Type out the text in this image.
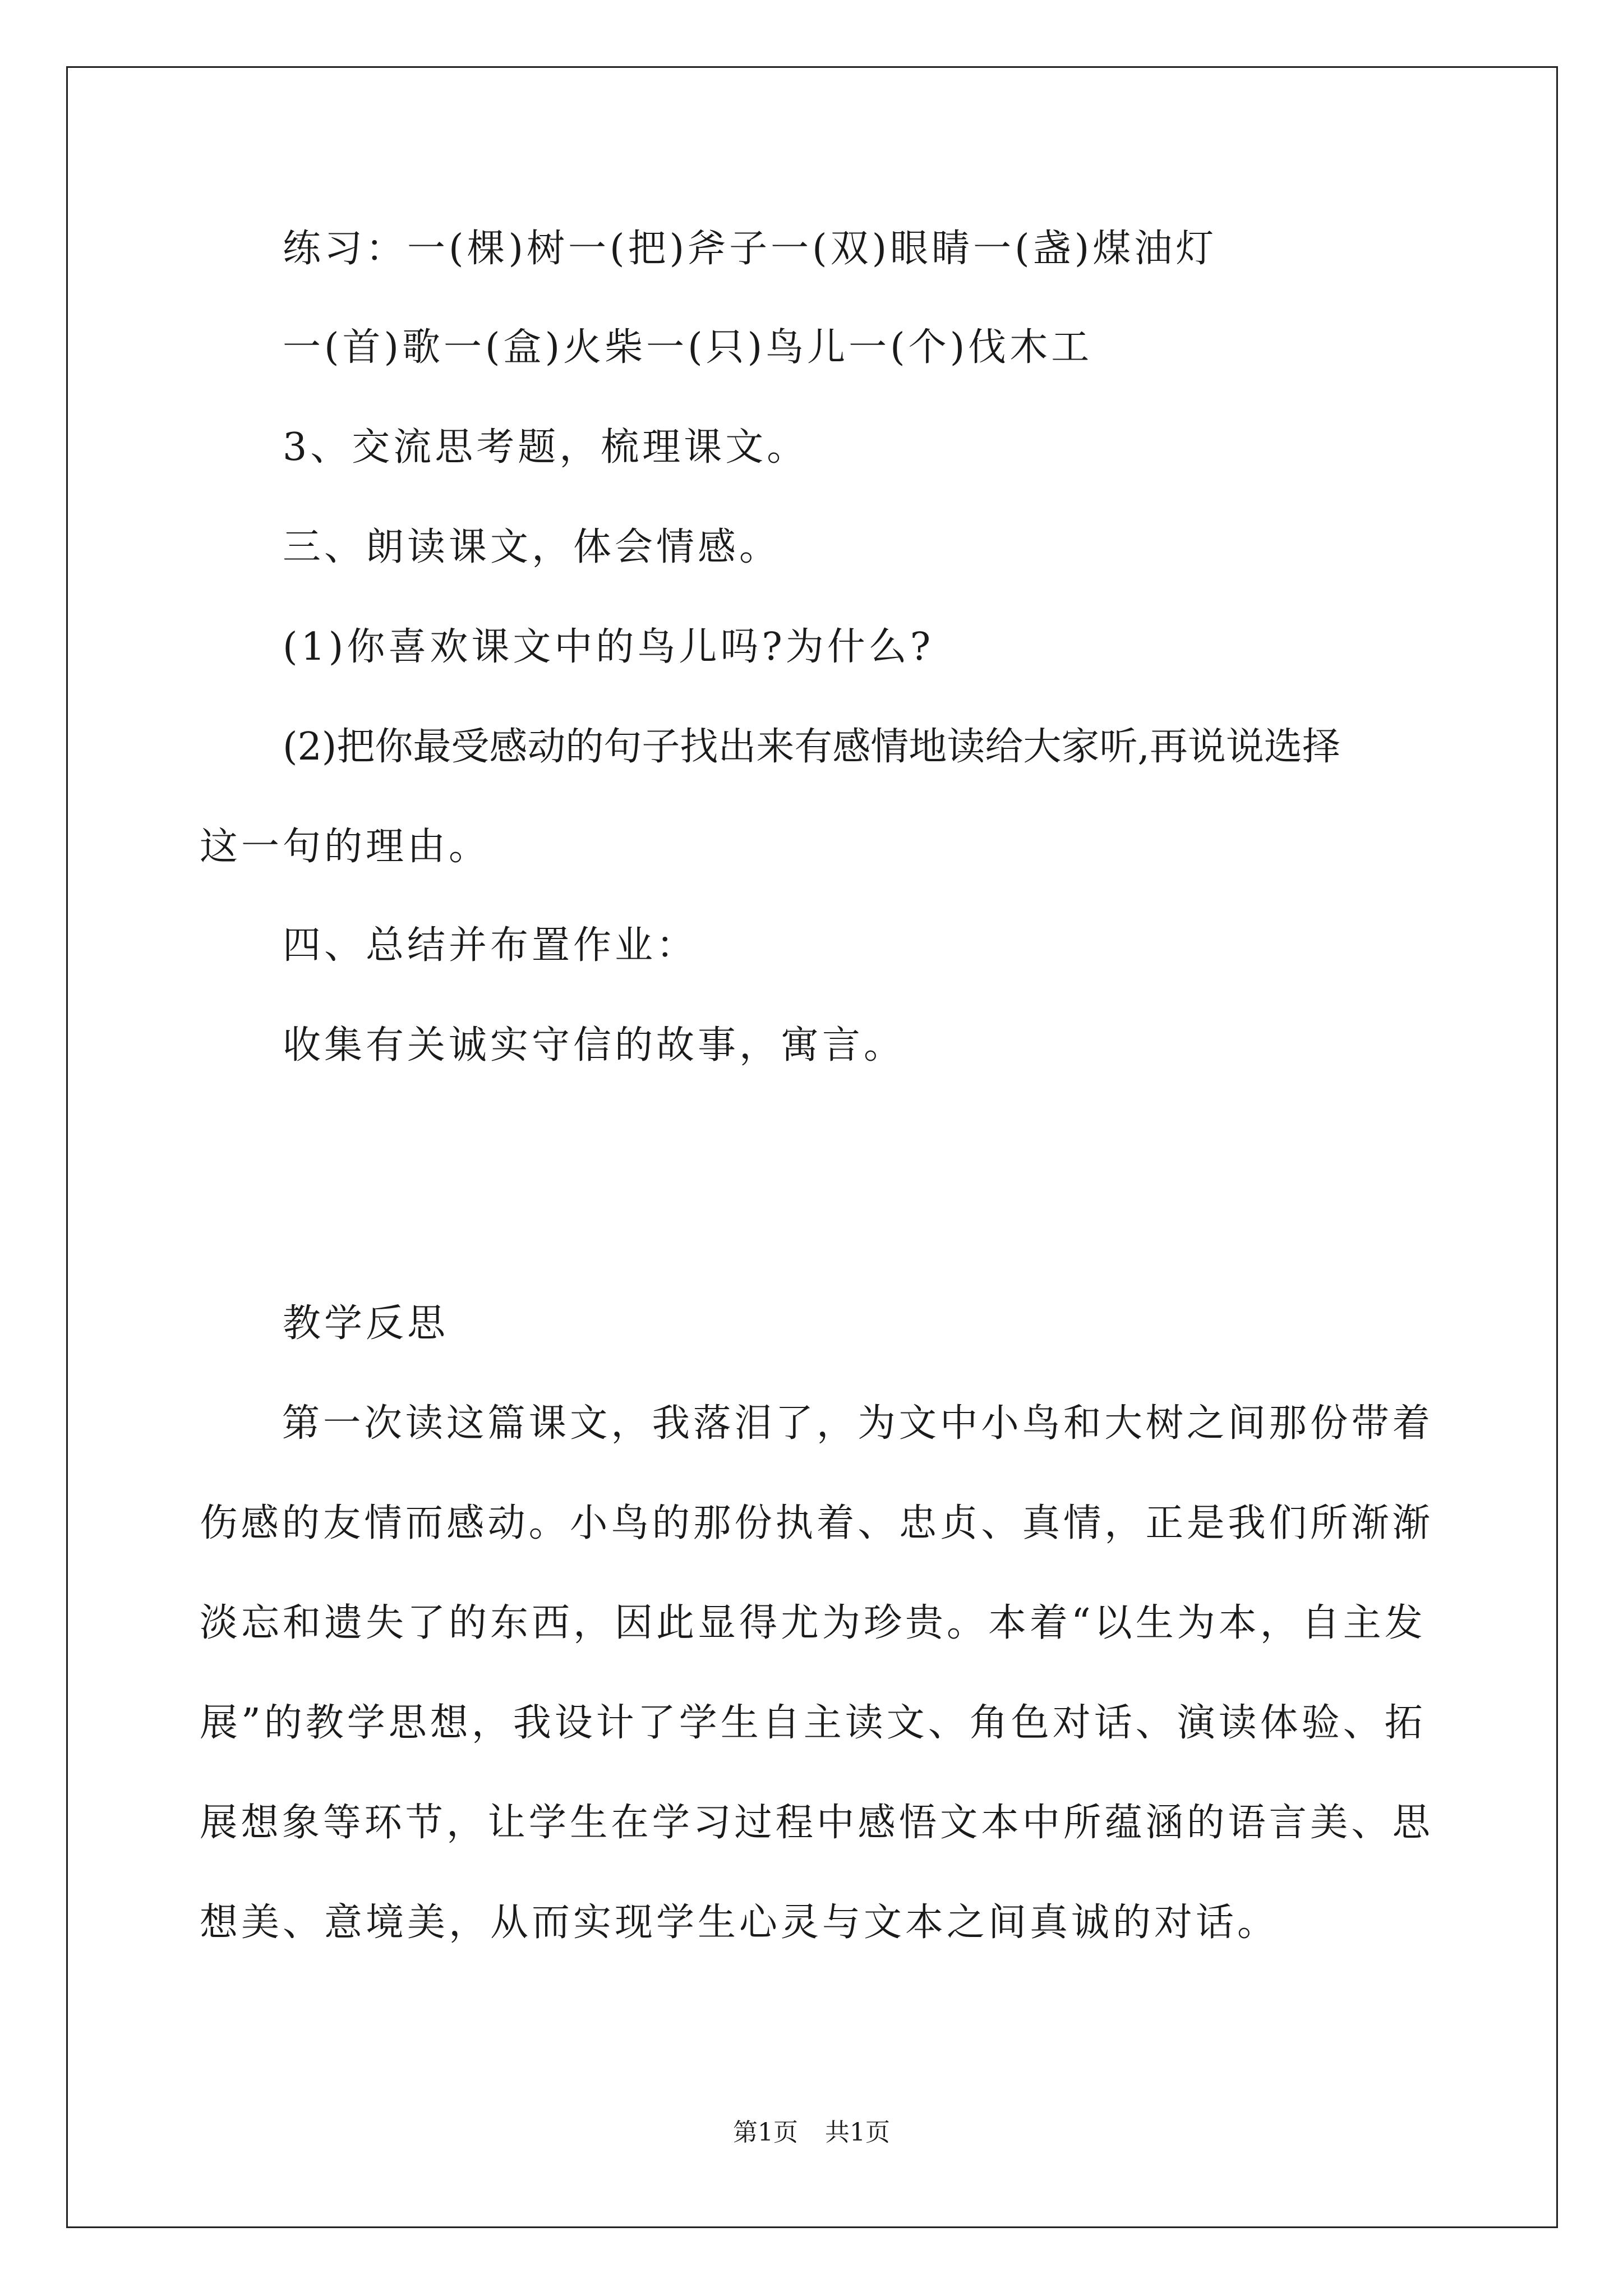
练习：一(棵)树一(把)斧子一(双)眼睛一(盏)煤油灯
一(首)歌一(盒)火柴一(只)鸟儿一(个)伐木工
3、交流思考题，梳理课文。
三、朗读课文，体会情感。
(1)你喜欢课文中的鸟儿吗?为什么?
(2)把你最受感动的句子找出来有感情地读给大家听,再说说选择
这一句的理由。
四、总结并布置作业：
收集有关诚实守信的故事，寓言。
教学反思
第一次读这篇课文，我落泪了，为文中小鸟和大树之间那份带着
伤感的友情而感动。小鸟的那份执着、忠贞、真情，正是我们所渐渐
淡忘和遗失了的东西，因此显得尤为珍贵。本着“以生为本，自主发
展”的教学思想，我设计了学生自主读文、角色对话、演读体验、拓
展想象等环节，让学生在学习过程中感悟文本中所蕴涵的语言美、思
想美、意境美，从而实现学生心灵与文本之间真诚的对话。
第1页 共1页
